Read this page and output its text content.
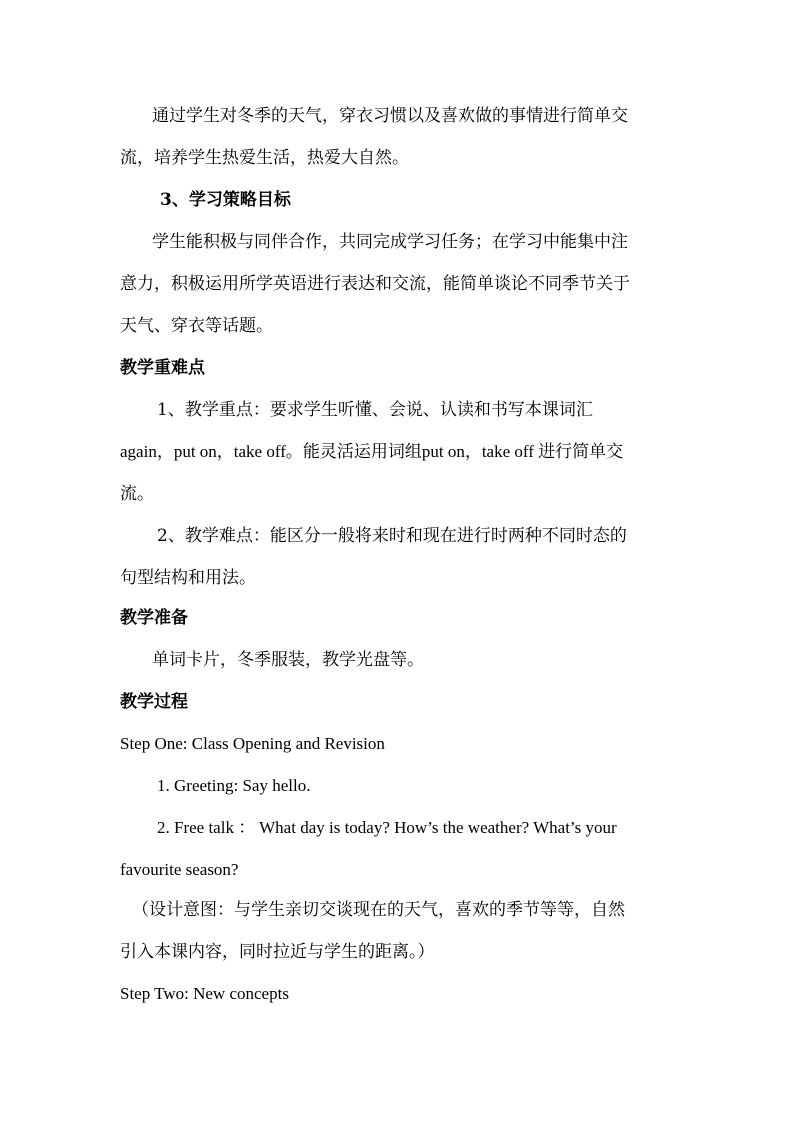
通过学生对冬季的天气，穿衣习惯以及喜欢做的事情进行简单交
流，培养学生热爱生活，热爱大自然。
3、学习策略目标
学生能积极与同伴合作，共同完成学习任务；在学习中能集中注
意力，积极运用所学英语进行表达和交流，能简单谈论不同季节关于
天气、穿衣等话题。
教学重难点
1、教学重点：要求学生听懂、会说、认读和书写本课词汇
again，put on，take off。能灵活运用词组put on，take off 进行简单交
流。
2、教学难点：能区分一般将来时和现在进行时两种不同时态的
句型结构和用法。
教学准备
单词卡片，冬季服装，教学光盘等。
教学过程
Step One: Class Opening and Revision
1. Greeting: Say hello.
2. Free talk ： What day is today? How’s the weather? What’s your
favourite season?
（设计意图：与学生亲切交谈现在的天气，喜欢的季节等等，自然
引入本课内容，同时拉近与学生的距离。）
Step Two: New concepts
